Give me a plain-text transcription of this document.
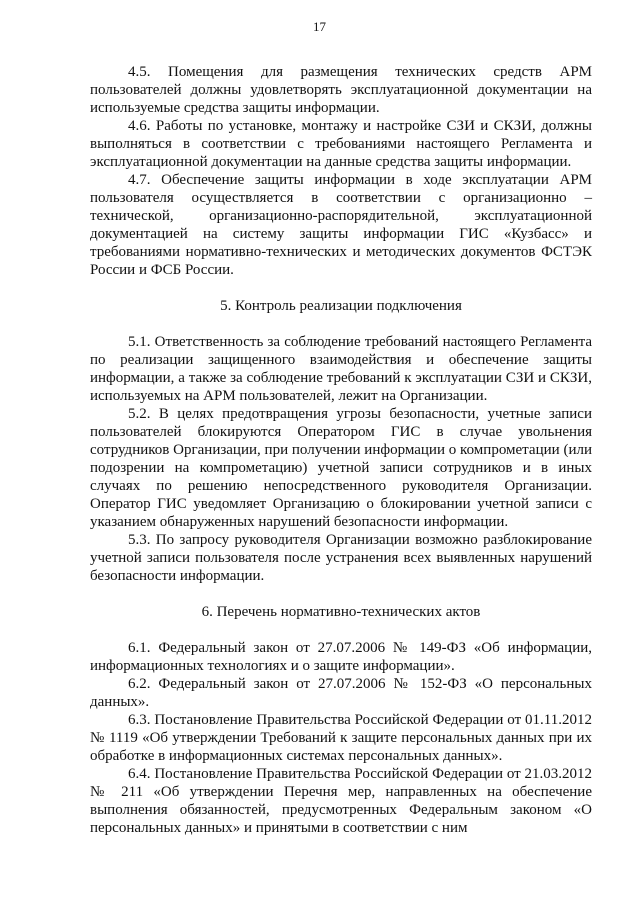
17

4.5. Помещения для размещения технических средств АРМ пользователей должны удовлетворять эксплуатационной документации на используемые средства защиты информации.

4.6. Работы по установке, монтажу и настройке СЗИ и СКЗИ, должны выполняться в соответствии с требованиями настоящего Регламента и эксплуатационной документации на данные средства защиты информации.

4.7. Обеспечение защиты информации в ходе эксплуатации АРМ пользователя осуществляется в соответствии с организационно – технической, организационно-распорядительной, эксплуатационной документацией на систему защиты информации ГИС «Кузбасс» и требованиями нормативно-технических и методических документов ФСТЭК России и ФСБ России.

5. Контроль реализации подключения

5.1. Ответственность за соблюдение требований настоящего Регламента по реализации защищенного взаимодействия и обеспечение защиты информации, а также за соблюдение требований к эксплуатации СЗИ и СКЗИ, используемых на АРМ пользователей, лежит на Организации.

5.2. В целях предотвращения угрозы безопасности, учетные записи пользователей блокируются Оператором ГИС в случае увольнения сотрудников Организации, при получении информации о компрометации (или подозрении на компрометацию) учетной записи сотрудников и в иных случаях по решению непосредственного руководителя Организации. Оператор ГИС уведомляет Организацию о блокировании учетной записи с указанием обнаруженных нарушений безопасности информации.

5.3. По запросу руководителя Организации возможно разблокирование учетной записи пользователя после устранения всех выявленных нарушений безопасности информации.

6. Перечень нормативно-технических актов

6.1. Федеральный закон от 27.07.2006 № 149-ФЗ «Об информации, информационных технологиях и о защите информации».

6.2. Федеральный закон от 27.07.2006 № 152-ФЗ «О персональных данных».

6.3. Постановление Правительства Российской Федерации от 01.11.2012 № 1119 «Об утверждении Требований к защите персональных данных при их обработке в информационных системах персональных данных».

6.4. Постановление Правительства Российской Федерации от 21.03.2012 № 211 «Об утверждении Перечня мер, направленных на обеспечение выполнения обязанностей, предусмотренных Федеральным законом «О персональных данных» и принятыми в соответствии с ним
